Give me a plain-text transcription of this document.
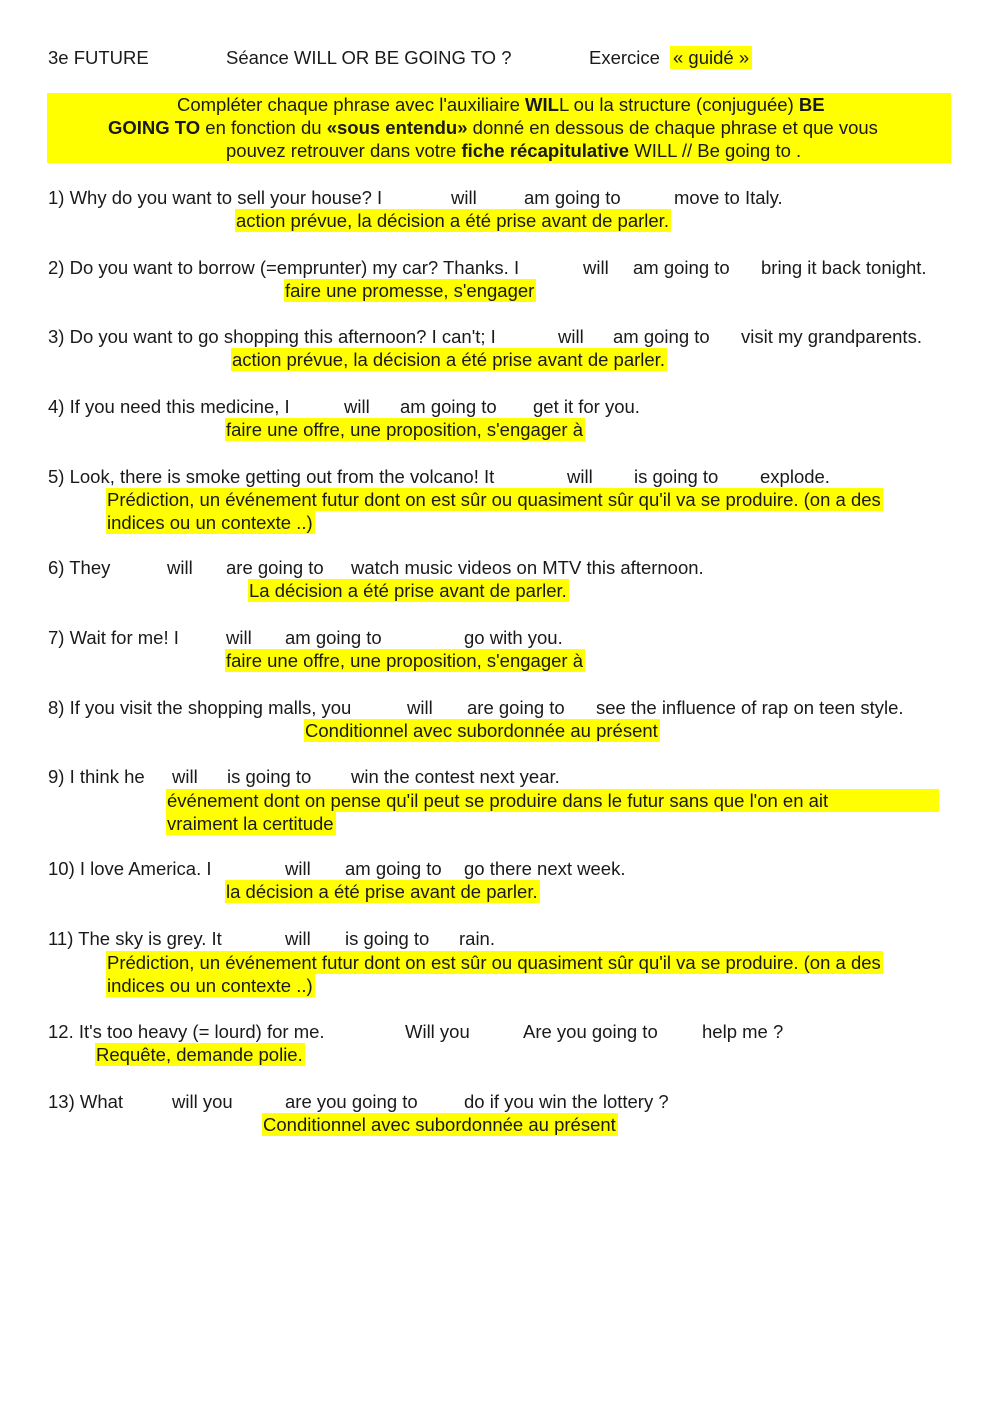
3e FUTURE	Séance WILL OR BE GOING TO ?	Exercice « guidé »
Compléter chaque phrase avec l'auxiliaire WILL ou la structure (conjuguée) BE
GOING TO en fonction du «sous entendu» donné en dessous de chaque phrase et que vous
pouvez retrouver dans votre fiche récapitulative WILL // Be going to .
1) Why do you want to sell your house? I	will	am going to	move to Italy.
action prévue, la décision a été prise avant de parler.
2) Do you want to borrow (=emprunter) my car? Thanks. I	will am going to bring it back tonight.
faire une promesse, s'engager
3) Do you want to go shopping this afternoon? I can't; I	will am going to visit my grandparents.
action prévue, la décision a été prise avant de parler.
4) If you need this medicine, I	will am going to get it for you.
faire une offre, une proposition, s'engager à
5) Look, there is smoke getting out from the volcano! It	will is going to explode.
Prédiction, un événement futur dont on est sûr ou quasiment sûr qu'il va se produire. (on a des
indices ou un contexte ..)
6) They	will are going to watch music videos on MTV this afternoon.
La décision a été prise avant de parler.
7) Wait for me! I	will am going to	go with you.
faire une offre, une proposition, s'engager à
8) If you visit the shopping malls, you	will are going to see the influence of rap on teen style.
Conditionnel avec subordonnée au présent
9) I think he will is going to win the contest next year.
événement dont on pense qu'il peut se produire dans le futur sans que l'on en ait
vraiment la certitude
10) I love America. I	will am going to go there next week.
la décision a été prise avant de parler.
11) The sky is grey. It	will is going to rain.
Prédiction, un événement futur dont on est sûr ou quasiment sûr qu'il va se produire. (on a des
indices ou un contexte ..)
12. It's too heavy (= lourd) for me.	Will you	Are you going to help me ?
Requête, demande polie.
13) What	will you	are you going to	do if you win the lottery ?
Conditionnel avec subordonnée au présent
